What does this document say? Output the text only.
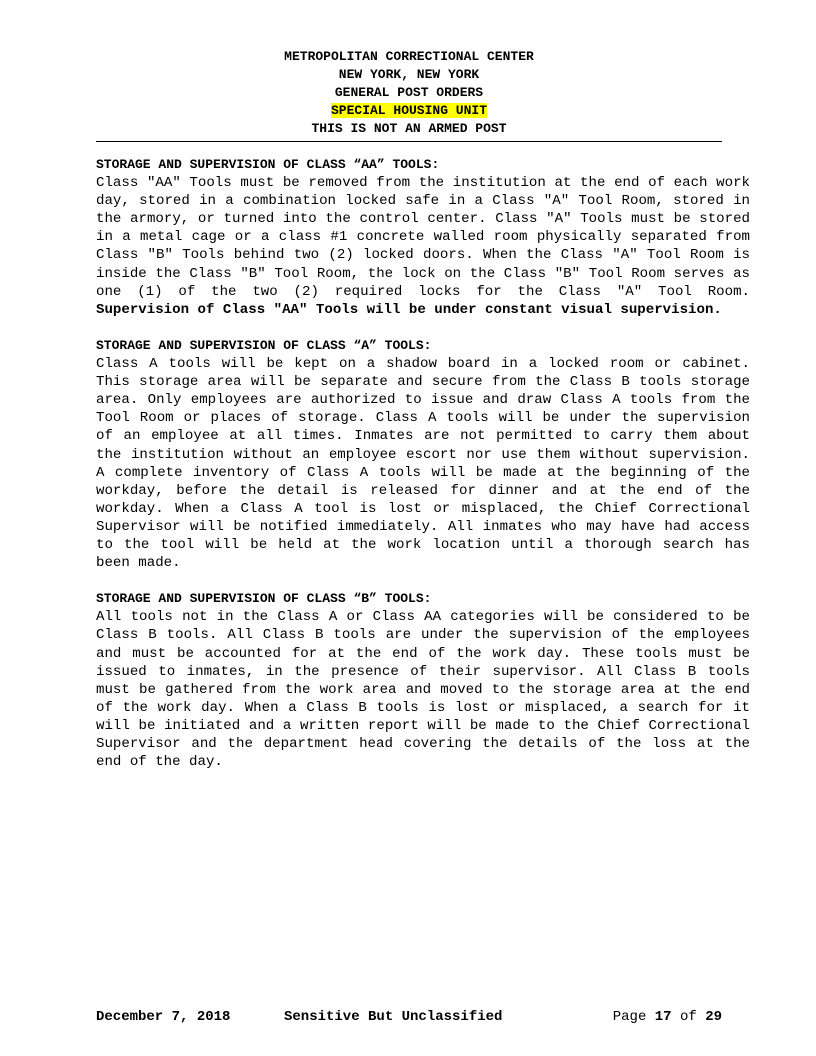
METROPOLITAN CORRECTIONAL CENTER
NEW YORK, NEW YORK
GENERAL POST ORDERS
SPECIAL HOUSING UNIT
THIS IS NOT AN ARMED POST
STORAGE AND SUPERVISION OF CLASS “AA” TOOLS:
Class "AA" Tools must be removed from the institution at the end of each work day, stored in a combination locked safe in a Class "A" Tool Room, stored in the armory, or turned into the control center. Class "A" Tools must be stored in a metal cage or a class #1 concrete walled room physically separated from Class "B" Tools behind two (2) locked doors. When the Class "A" Tool Room is inside the Class "B" Tool Room, the lock on the Class "B" Tool Room serves as one (1) of the two (2) required locks for the Class "A" Tool Room. Supervision of Class "AA" Tools will be under constant visual supervision.
STORAGE AND SUPERVISION OF CLASS “A” TOOLS:
Class A tools will be kept on a shadow board in a locked room or cabinet. This storage area will be separate and secure from the Class B tools storage area. Only employees are authorized to issue and draw Class A tools from the Tool Room or places of storage. Class A tools will be under the supervision of an employee at all times. Inmates are not permitted to carry them about the institution without an employee escort nor use them without supervision. A complete inventory of Class A tools will be made at the beginning of the workday, before the detail is released for dinner and at the end of the workday. When a Class A tool is lost or misplaced, the Chief Correctional Supervisor will be notified immediately. All inmates who may have had access to the tool will be held at the work location until a thorough search has been made.
STORAGE AND SUPERVISION OF CLASS “B” TOOLS:
All tools not in the Class A or Class AA categories will be considered to be Class B tools. All Class B tools are under the supervision of the employees and must be accounted for at the end of the work day. These tools must be issued to inmates, in the presence of their supervisor. All Class B tools must be gathered from the work area and moved to the storage area at the end of the work day. When a Class B tools is lost or misplaced, a search for it will be initiated and a written report will be made to the Chief Correctional Supervisor and the department head covering the details of the loss at the end of the day.
December 7, 2018	Sensitive But Unclassified	Page 17 of 29
